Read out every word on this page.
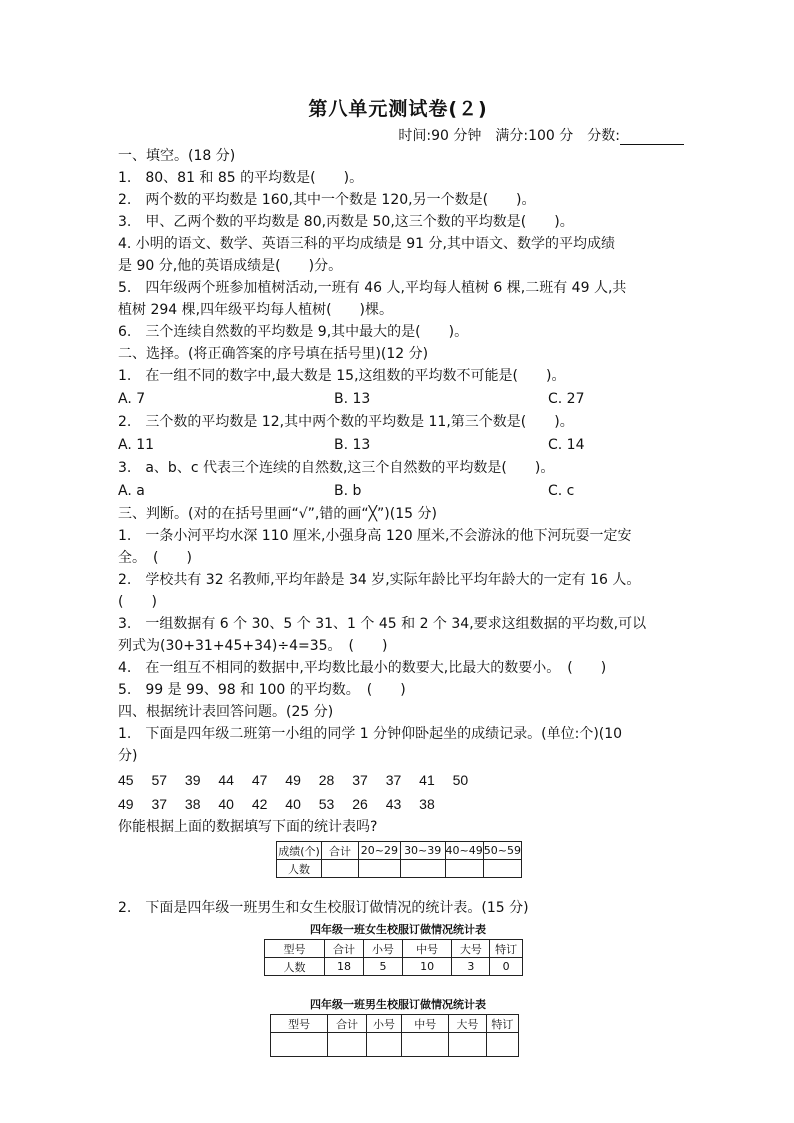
第八单元测试卷(２)
时间:90 分钟　满分:100 分　分数:
一、填空。(18 分)
1.　80、81 和 85 的平均数是(　　)。
2.　两个数的平均数是 160,其中一个数是 120,另一个数是(　　)。
3.　甲、乙两个数的平均数是 80,丙数是 50,这三个数的平均数是(　　)。
4. 小明的语文、数学、英语三科的平均成绩是 91 分,其中语文、数学的平均成绩
是 90 分,他的英语成绩是(　　)分。
5.　四年级两个班参加植树活动,一班有 46 人,平均每人植树 6 棵,二班有 49 人,共
植树 294 棵,四年级平均每人植树(　　)棵。
6.　三个连续自然数的平均数是 9,其中最大的是(　　)。
二、选择。(将正确答案的序号填在括号里)(12 分)
1.　在一组不同的数字中,最大数是 15,这组数的平均数不可能是(　　)。
A. 7	B. 13	C. 27
2.　三个数的平均数是 12,其中两个数的平均数是 11,第三个数是(　　)。
A. 11	B. 13	C. 14
3.　a、b、c 代表三个连续的自然数,这三个自然数的平均数是(　　)。
A. a	B. b	C. c
三、判断。(对的在括号里画“√”,错的画“╳”)(15 分)
1.　一条小河平均水深 110 厘米,小强身高 120 厘米,不会游泳的他下河玩耍一定安
全。　(　　)
2.　学校共有 32 名教师,平均年龄是 34 岁,实际年龄比平均年龄大的一定有 16 人。
(　　)
3.　一组数据有 6 个 30、5 个 31、1 个 45 和 2 个 34,要求这组数据的平均数,可以
列式为(30+31+45+34)÷4=35。　(　　)
4.　在一组互不相同的数据中,平均数比最小的数要大,比最大的数要小。　(　　)
5.　99 是 99、98 和 100 的平均数。　(　　)
四、根据统计表回答问题。(25 分)
1.　下面是四年级二班第一小组的同学 1 分钟仰卧起坐的成绩记录。(单位:个)(10
分)
45　 57　 39　 44　 47　 49　 28　 37　 37　 41　 50
49　 37　 38　 40　 42　 40　 53　 26　 43　 38
你能根据上面的数据填写下面的统计表吗?
成绩(个)	合计	20~29	30~39	40~49	50~59
人数					
2.　下面是四年级一班男生和女生校服订做情况的统计表。(15 分)
四年级一班女生校服订做情况统计表
型号	合计	小号	中号	大号	特订
人数	18	5	10	3	0
四年级一班男生校服订做情况统计表
型号	合计	小号	中号	大号	特订
